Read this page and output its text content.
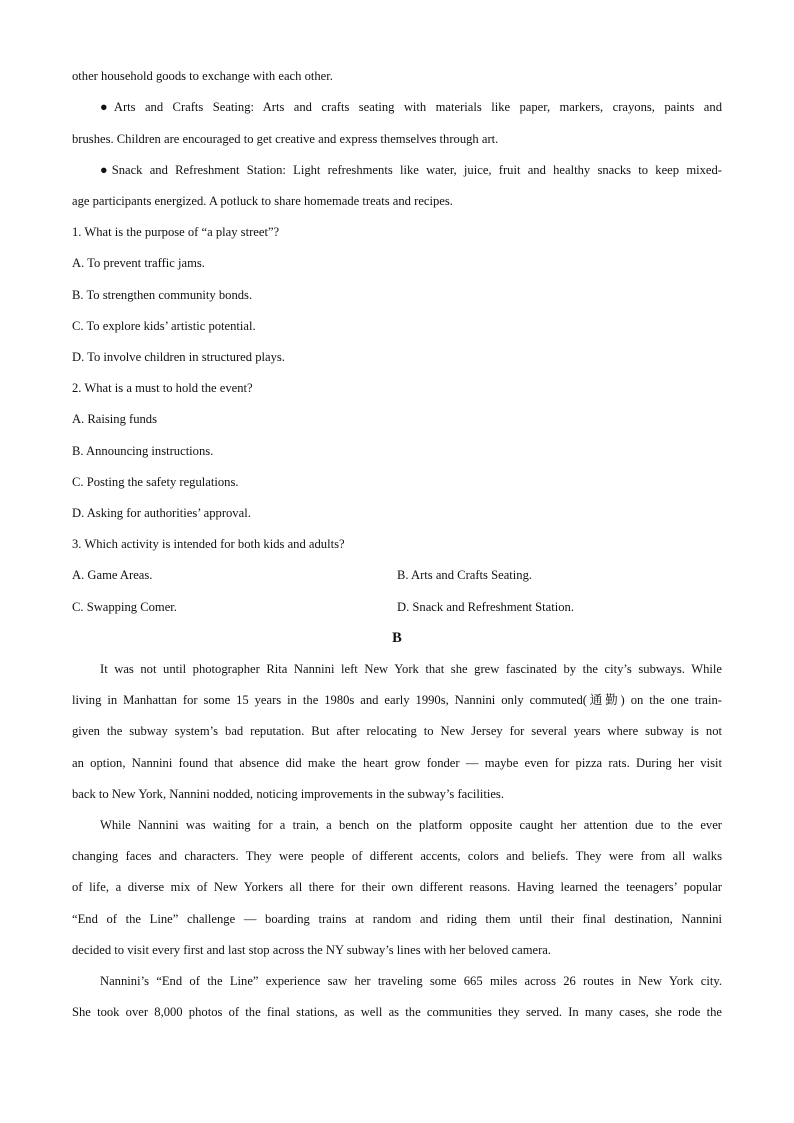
other household goods to exchange with each other.
●Arts and Crafts Seating: Arts and crafts seating with materials like paper, markers, crayons, paints and
brushes. Children are encouraged to get creative and express themselves through art.
●Snack and Refreshment Station: Light refreshments like water, juice, fruit and healthy snacks to keep mixed-
age participants energized. A potluck to share homemade treats and recipes.
1. What is the purpose of “a play street”?
A. To prevent traffic jams.
B. To strengthen community bonds.
C. To explore kids’ artistic potential.
D. To involve children in structured plays.
2. What is a must to hold the event?
A. Raising funds
B. Announcing instructions.
C. Posting the safety regulations.
D. Asking for authorities’ approval.
3. Which activity is intended for both kids and adults?
A. Game Areas.	B. Arts and Crafts Seating.
C. Swapping Comer.	D. Snack and Refreshment Station.
B
It was not until photographer Rita Nannini left New York that she grew fascinated by the city’s subways. While
living in Manhattan for some 15 years in the 1980s and early 1990s, Nannini only commuted(通勤) on the one train-
given the subway system’s bad reputation. But after relocating to New Jersey for several years where subway is not
an option, Nannini found that absence did make the heart grow fonder — maybe even for pizza rats. During her visit
back to New York, Nannini nodded, noticing improvements in the subway’s facilities.
While Nannini was waiting for a train, a bench on the platform opposite caught her attention due to the ever
changing faces and characters. They were people of different accents, colors and beliefs. They were from all walks
of life, a diverse mix of New Yorkers all there for their own different reasons. Having learned the teenagers’ popular
“End of the Line” challenge — boarding trains at random and riding them until their final destination, Nannini
decided to visit every first and last stop across the NY subway’s lines with her beloved camera.
Nannini’s “End of the Line” experience saw her traveling some 665 miles across 26 routes in New York city.
She took over 8,000 photos of the final stations, as well as the communities they served. In many cases, she rode the
